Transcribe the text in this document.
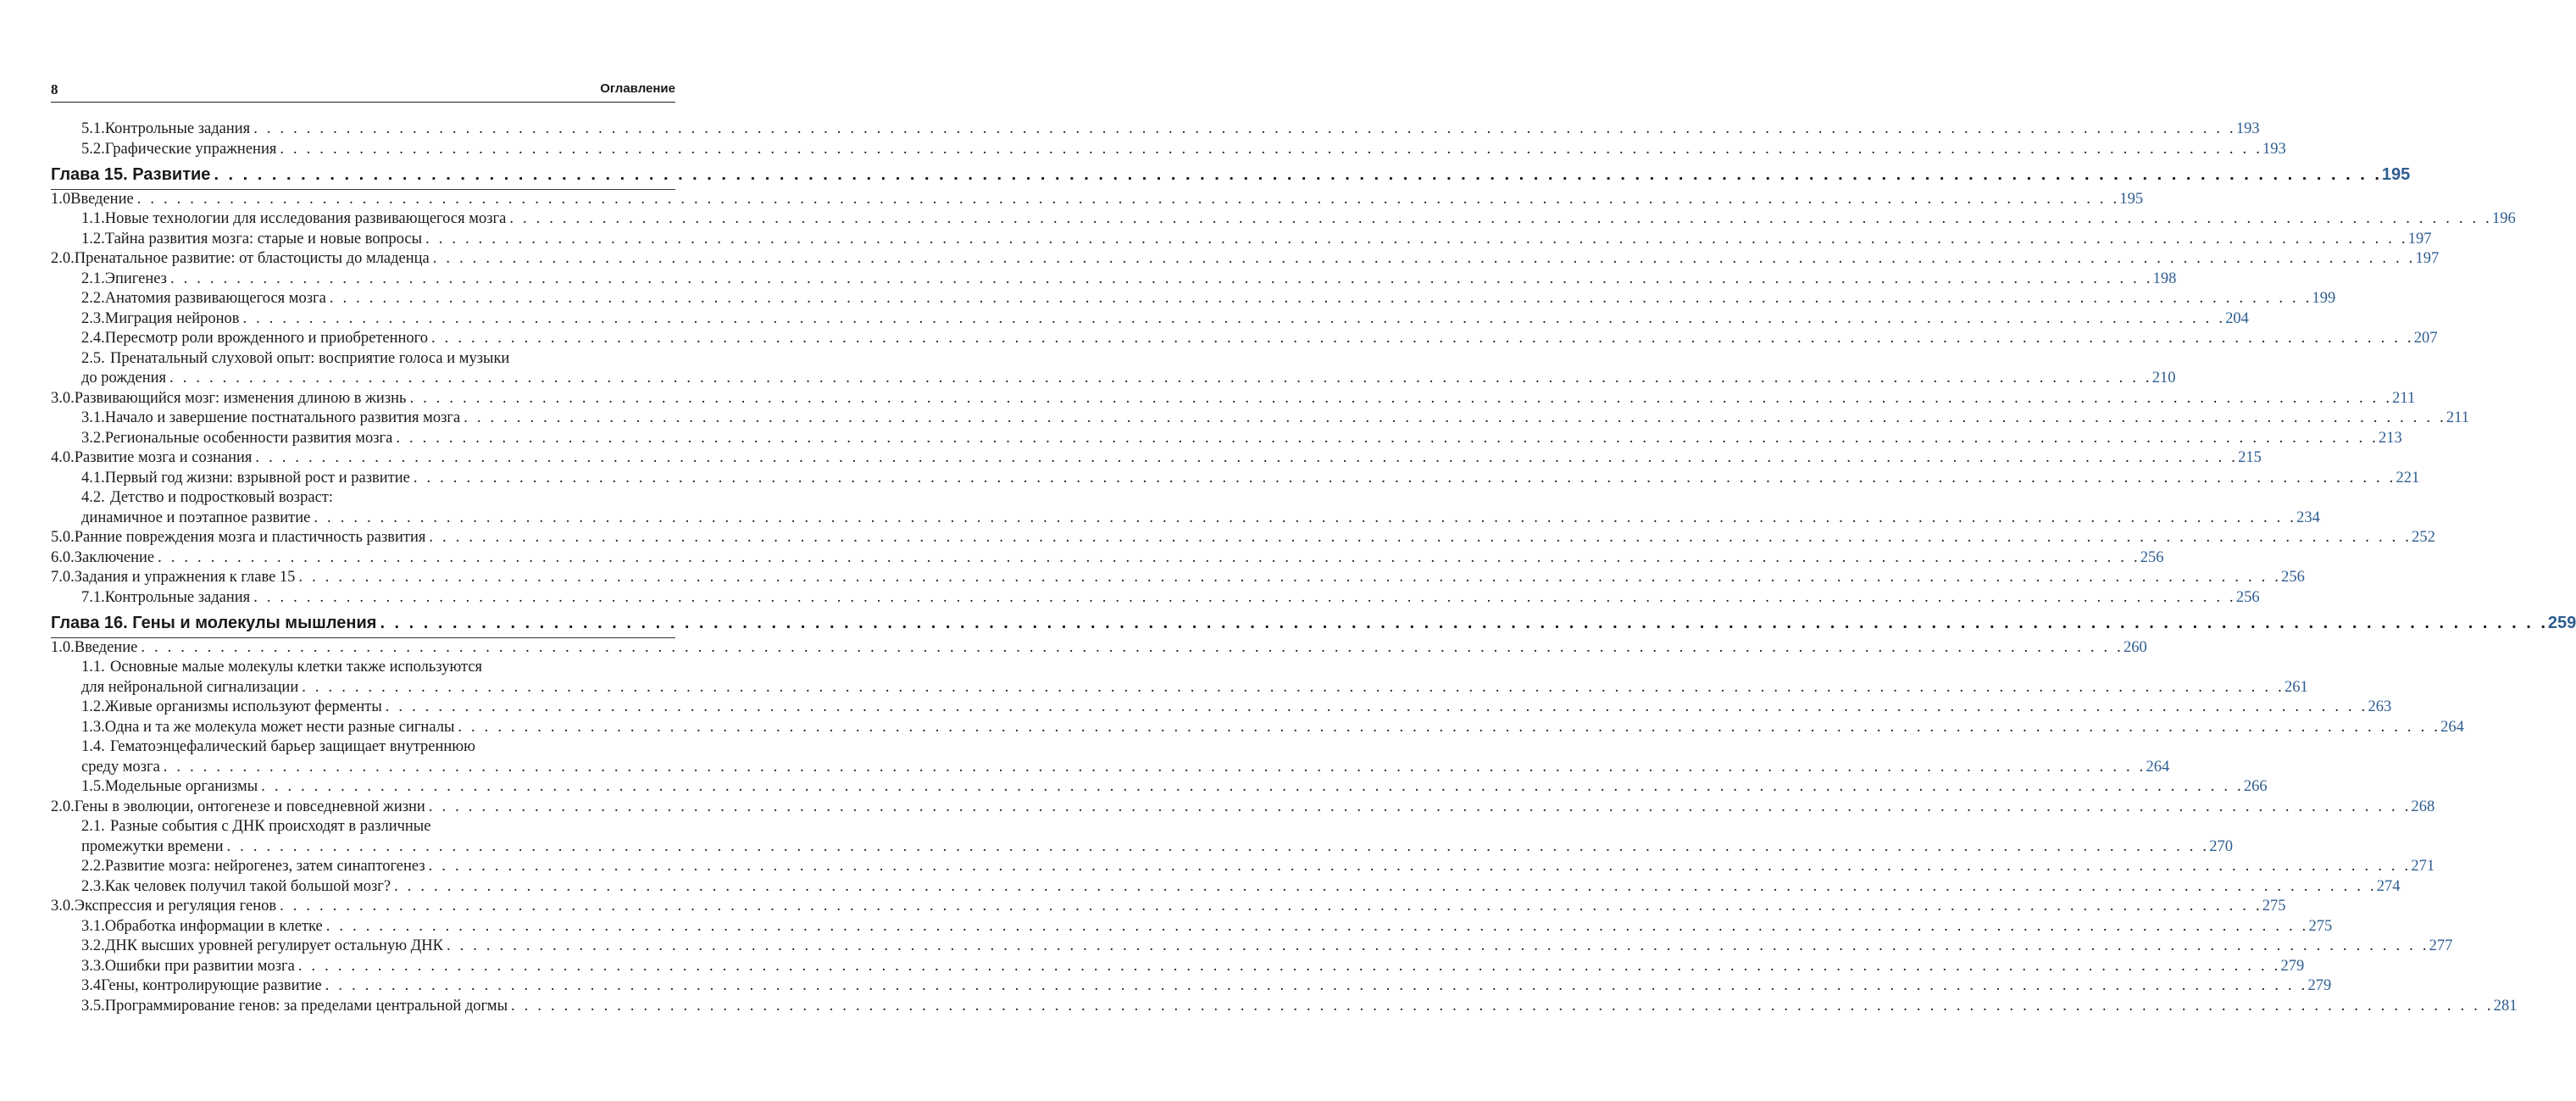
8	Оглавление
5.1. Контрольные задания . . .	193
5.2. Графические упражнения . . .	193
Глава 15. Развитие . . .	195
1.0 Введение . . .	195
1.1. Новые технологии для исследования развивающегося мозга . . .	196
1.2. Тайна развития мозга: старые и новые вопросы . . .	197
2.0. Пренатальное развитие: от бластоцисты до младенца . . .	197
2.1. Эпигенез . . .	198
2.2. Анатомия развивающегося мозга . . .	199
2.3. Миграция нейронов . . .	204
2.4. Пересмотр роли врожденного и приобретенного . . .	207
2.5. Пренатальный слуховой опыт: восприятие голоса и музыки
до рождения . . .	210
3.0. Развивающийся мозг: изменения длиною в жизнь . . .	211
3.1. Начало и завершение постнатального развития мозга . . .	211
3.2. Региональные особенности развития мозга . . .	213
4.0. Развитие мозга и сознания . . .	215
4.1. Первый год жизни: взрывной рост и развитие . . .	221
4.2. Детство и подростковый возраст:
динамичное и поэтапное развитие . . .	234
5.0. Ранние повреждения мозга и пластичность развития . . .	252
6.0. Заключение . . .	256
7.0. Задания и упражнения к главе 15 . . .	256
7.1. Контрольные задания . . .	256
Глава 16. Гены и молекулы мышления . . .	259
1.0. Введение . . .	260
1.1. Основные малые молекулы клетки также используются
для нейрональной сигнализации . . .	261
1.2. Живые организмы используют ферменты . . .	263
1.3. Одна и та же молекула может нести разные сигналы . . .	264
1.4. Гематоэнцефалический барьер защищает внутреннюю
среду мозга . . .	264
1.5. Модельные организмы . . .	266
2.0. Гены в эволюции, онтогенезе и повседневной жизни . . .	268
2.1. Разные события с ДНК происходят в различные
промежутки времени . . .	270
2.2. Развитие мозга: нейрогенез, затем синаптогенез . . .	271
2.3. Как человек получил такой большой мозг? . . .	274
3.0. Экспрессия и регуляция генов . . .	275
3.1. Обработка информации в клетке . . .	275
3.2. ДНК высших уровней регулирует остальную ДНК . . .	277
3.3. Ошибки при развитии мозга . . .	279
3.4 Гены, контролирующие развитие . . .	279
3.5. Программирование генов: за пределами центральной догмы . . .	281
